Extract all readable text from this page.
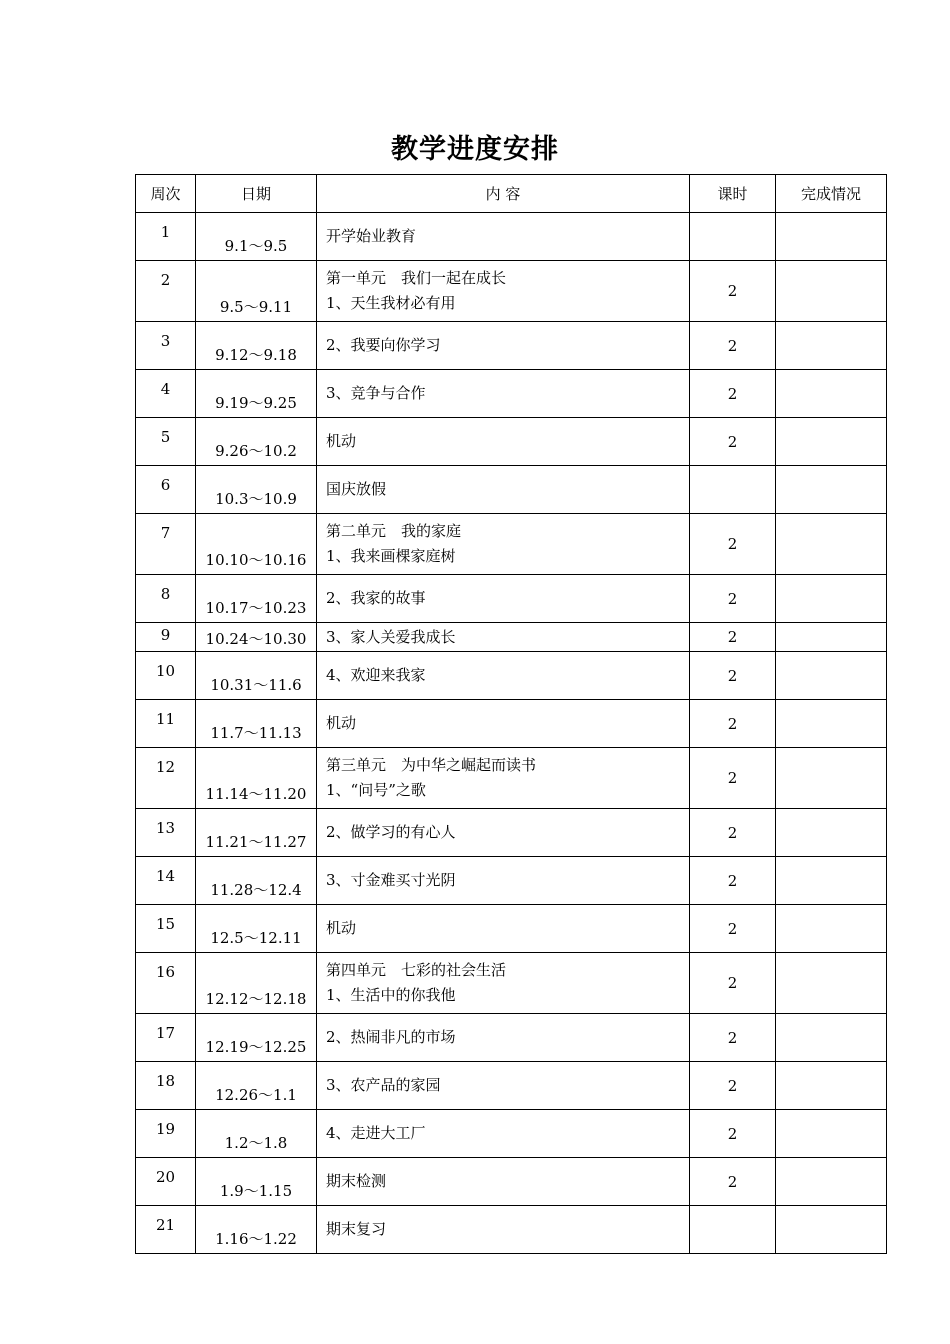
教学进度安排
周次	日期	内 容	课时	完成情况
1	9.1～9.5	开学始业教育		

2	9.5～9.11	第一单元　我们一起在成长
1、天生我材必有用	2	
3	9.12～9.18	2、我要向你学习	2	
4	9.19～9.25	3、竞争与合作	2	
5	9.26～10.2	机动	2	
6	10.3～10.9	国庆放假		

7	10.10～10.16	第二单元　我的家庭
1、我来画棵家庭树	2	
8	10.17～10.23	2、我家的故事	2	
9	10.24～10.30	3、家人关爱我成长	2	
10	10.31～11.6	4、欢迎来我家	2	
11	11.7～11.13	机动	2	
12	11.14～11.20	第三单元　为中华之崛起而读书
1、“问号”之歌	2	
13	11.21～11.27	2、做学习的有心人	2	
14	11.28～12.4	3、寸金难买寸光阴	2	
15	12.5～12.11	机动	2	
16	12.12～12.18	第四单元　七彩的社会生活
1、生活中的你我他	2	
17	12.19～12.25	2、热闹非凡的市场	2	
18	12.26～1.1	3、农产品的家园	2	
19	1.2～1.8	4、走进大工厂	2	
20	1.9～1.15	期末检测	2	
21	1.16～1.22	期末复习		
